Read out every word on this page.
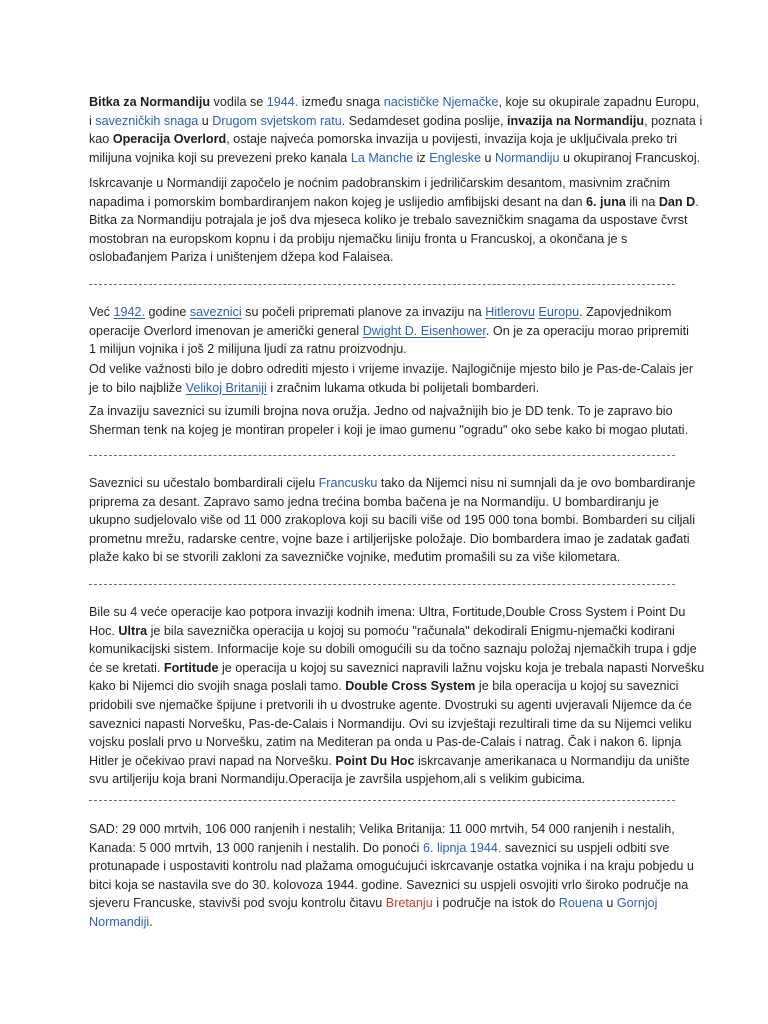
Bitka za Normandiju vodila se 1944. između snaga nacističke Njemačke, koje su okupirale zapadnu Europu,
i savezničkih snaga u Drugom svjetskom ratu. Sedamdeset godina poslije, invazija na Normandiju, poznata i
kao Operacija Overlord, ostaje najveća pomorska invazija u povijesti, invazija koja je uključivala preko tri
milijuna vojnika koji su prevezeni preko kanala La Manche iz Engleske u Normandiju u okupiranoj Francuskoj.
Iskrcavanje u Normandiji započelo je noćnim padobranskim i jedriličarskim desantom, masivnim zračnim
napadima i pomorskim bombardiranjem nakon kojeg je uslijedio amfibijski desant na dan 6. juna ili na Dan D.
Bitka za Normandiju potrajala je još dva mjeseca koliko je trebalo savezničkim snagama da uspostave čvrst
mostobran na europskom kopnu i da probiju njemačku liniju fronta u Francuskoj, a okončana je s
oslobađanjem Pariza i uništenjem džepa kod Falaisea.
Već 1942. godine saveznici su počeli pripremati planove za invaziju na Hitlerovu Europu. Zapovjednikom
operacije Overlord imenovan je američki general Dwight D. Eisenhower. On je za operaciju morao pripremiti
1 milijun vojnika i još 2 milijuna ljudi za ratnu proizvodnju.
Od velike važnosti bilo je dobro odrediti mjesto i vrijeme invazije. Najlogičnije mjesto bilo je Pas-de-Calais jer
je to bilo najbliže Velikoj Britaniji i zračnim lukama otkuda bi polijetali bombarderi.
Za invaziju saveznici su izumili brojna nova oružja. Jedno od najvažnijih bio je DD tenk. To je zapravo bio
Sherman tenk na kojeg je montiran propeler i koji je imao gumenu "ogradu" oko sebe kako bi mogao plutati.
Saveznici su učestalo bombardirali cijelu Francusku tako da Nijemci nisu ni sumnjali da je ovo bombardiranje
priprema za desant. Zapravo samo jedna trećina bomba bačena je na Normandiju. U bombardiranju je
ukupno sudjelovalo više od 11 000 zrakoplova koji su bacili više od 195 000 tona bombi. Bombarderi su ciljali
prometnu mrežu, radarske centre, vojne baze i artiljerijske položaje. Dio bombardera imao je zadatak gađati
plaže kako bi se stvorili zakloni za savezničke vojnike, međutim promašili su za više kilometara.
Bile su 4 veće operacije kao potpora invaziji kodnih imena: Ultra, Fortitude,Double Cross System i Point Du
Hoc. Ultra je bila saveznička operacija u kojoj su pomoću "računala" dekodirali Enigmu-njemački kodirani
komunikacijski sistem. Informacije koje su dobili omogućili su da točno saznaju položaj njemačkih trupa i gdje
će se kretati. Fortitude je operacija u kojoj su saveznici napravili lažnu vojsku koja je trebala napasti Norvešku
kako bi Nijemci dio svojih snaga poslali tamo. Double Cross System je bila operacija u kojoj su saveznici
pridobili sve njemačke špijune i pretvorili ih u dvostruke agente. Dvostruki su agenti uvjeravali Nijemce da će
saveznici napasti Norvešku, Pas-de-Calais i Normandiju. Ovi su izvještaji rezultirali time da su Nijemci veliku
vojsku poslali prvo u Norvešku, zatim na Mediteran pa onda u Pas-de-Calais i natrag. Čak i nakon 6. lipnja
Hitler je očekivao pravi napad na Norvešku. Point Du Hoc iskrcavanje amerikanaca u Normandiju da unište
svu artiljeriju koja brani Normandiju.Operacija je završila uspjehom,ali s velikim gubicima.
SAD: 29 000 mrtvih, 106 000 ranjenih i nestalih; Velika Britanija: 11 000 mrtvih, 54 000 ranjenih i nestalih,
Kanada: 5 000 mrtvih, 13 000 ranjenih i nestalih. Do ponoći 6. lipnja 1944. saveznici su uspjeli odbiti sve
protunapade i uspostaviti kontrolu nad plažama omogućujući iskrcavanje ostatka vojnika i na kraju pobjedu u
bitci koja se nastavila sve do 30. kolovoza 1944. godine. Saveznici su uspjeli osvojiti vrlo široko područje na
sjeveru Francuske, stavivši pod svoju kontrolu čitavu Bretanju i područje na istok do Rouena u Gornjoj
Normandiji.
